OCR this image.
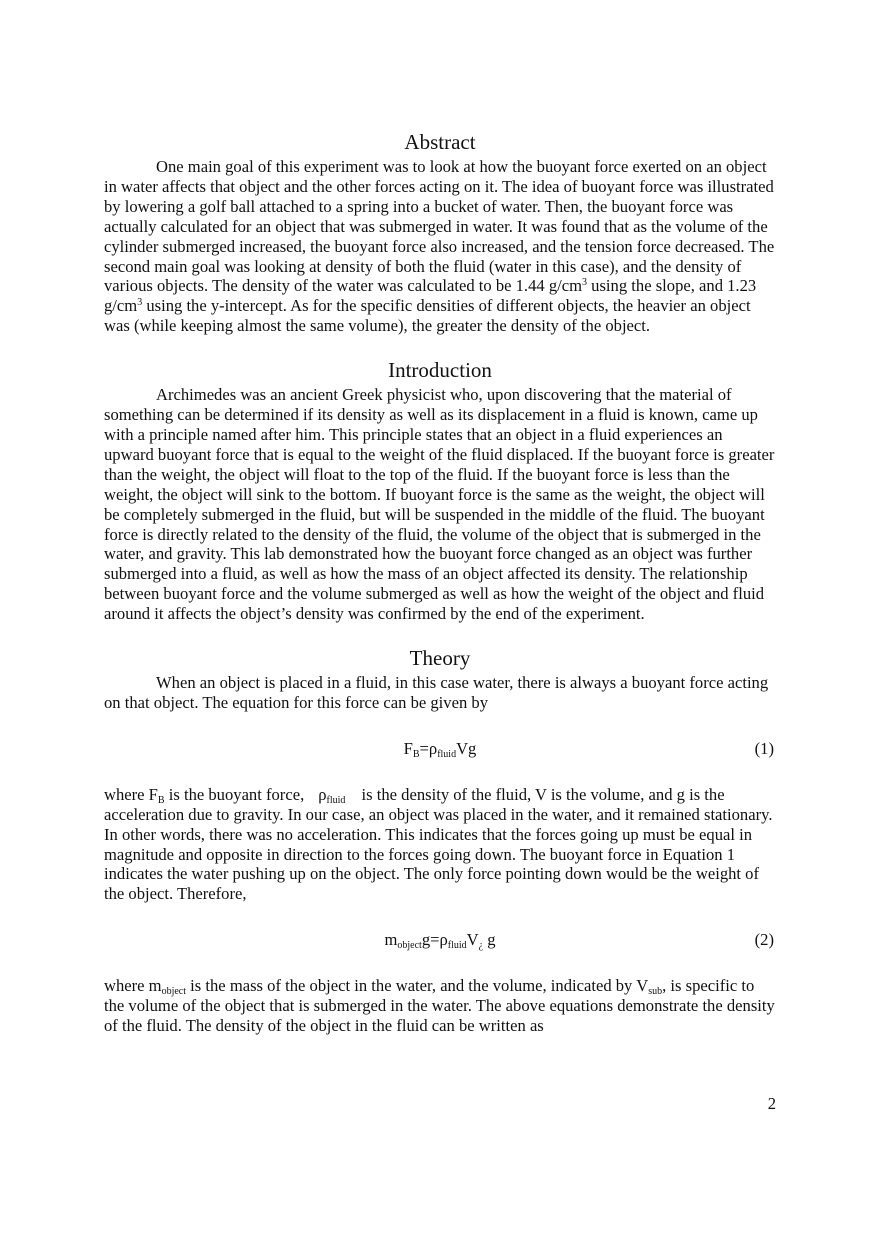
Abstract

One main goal of this experiment was to look at how the buoyant force exerted on an object in water affects that object and the other forces acting on it. The idea of buoyant force was illustrated by lowering a golf ball attached to a spring into a bucket of water. Then, the buoyant force was actually calculated for an object that was submerged in water. It was found that as the volume of the cylinder submerged increased, the buoyant force also increased, and the tension force decreased. The second main goal was looking at density of both the fluid (water in this case), and the density of various objects. The density of the water was calculated to be 1.44 $g/cm^3$ using the slope, and 1.23 $g/cm^3$ using the y-intercept. As for the specific densities of different objects, the heavier an object was (while keeping almost the same volume), the greater the density of the object.

Introduction

Archimedes was an ancient Greek physicist who, upon discovering that the material of something can be determined if its density as well as its displacement in a fluid is known, came up with a principle named after him. This principle states that an object in a fluid experiences an upward buoyant force that is equal to the weight of the fluid displaced. If the buoyant force is greater than the weight, the object will float to the top of the fluid. If the buoyant force is less than the weight, the object will sink to the bottom. If buoyant force is the same as the weight, the object will be completely submerged in the fluid, but will be suspended in the middle of the fluid. The buoyant force is directly related to the density of the fluid, the volume of the object that is submerged in the water, and gravity. This lab demonstrated how the buoyant force changed as an object was further submerged into a fluid, as well as how the mass of an object affected its density. The relationship between buoyant force and the volume submerged as well as how the weight of the object and fluid around it affects the object’s density was confirmed by the end of the experiment.

Theory

When an object is placed in a fluid, in this case water, there is always a buoyant force acting on that object. The equation for this force can be given by

$F_B=\rho_{fluid}Vg$	(1)

where $F_B$ is the buoyant force, $\rho_{fluid}$ is the density of the fluid, V is the volume, and g is the acceleration due to gravity. In our case, an object was placed in the water, and it remained stationary. In other words, there was no acceleration. This indicates that the forces going up must be equal in magnitude and opposite in direction to the forces going down. The buoyant force in Equation 1 indicates the water pushing up on the object. The only force pointing down would be the weight of the object. Therefore,

$m_{object}g=\rho_{fluid}V_¿$ g	(2)

where $m_{object}$ is the mass of the object in the water, and the volume, indicated by $V_{sub}$, is specific to the volume of the object that is submerged in the water. The above equations demonstrate the density of the fluid. The density of the object in the fluid can be written as

2
